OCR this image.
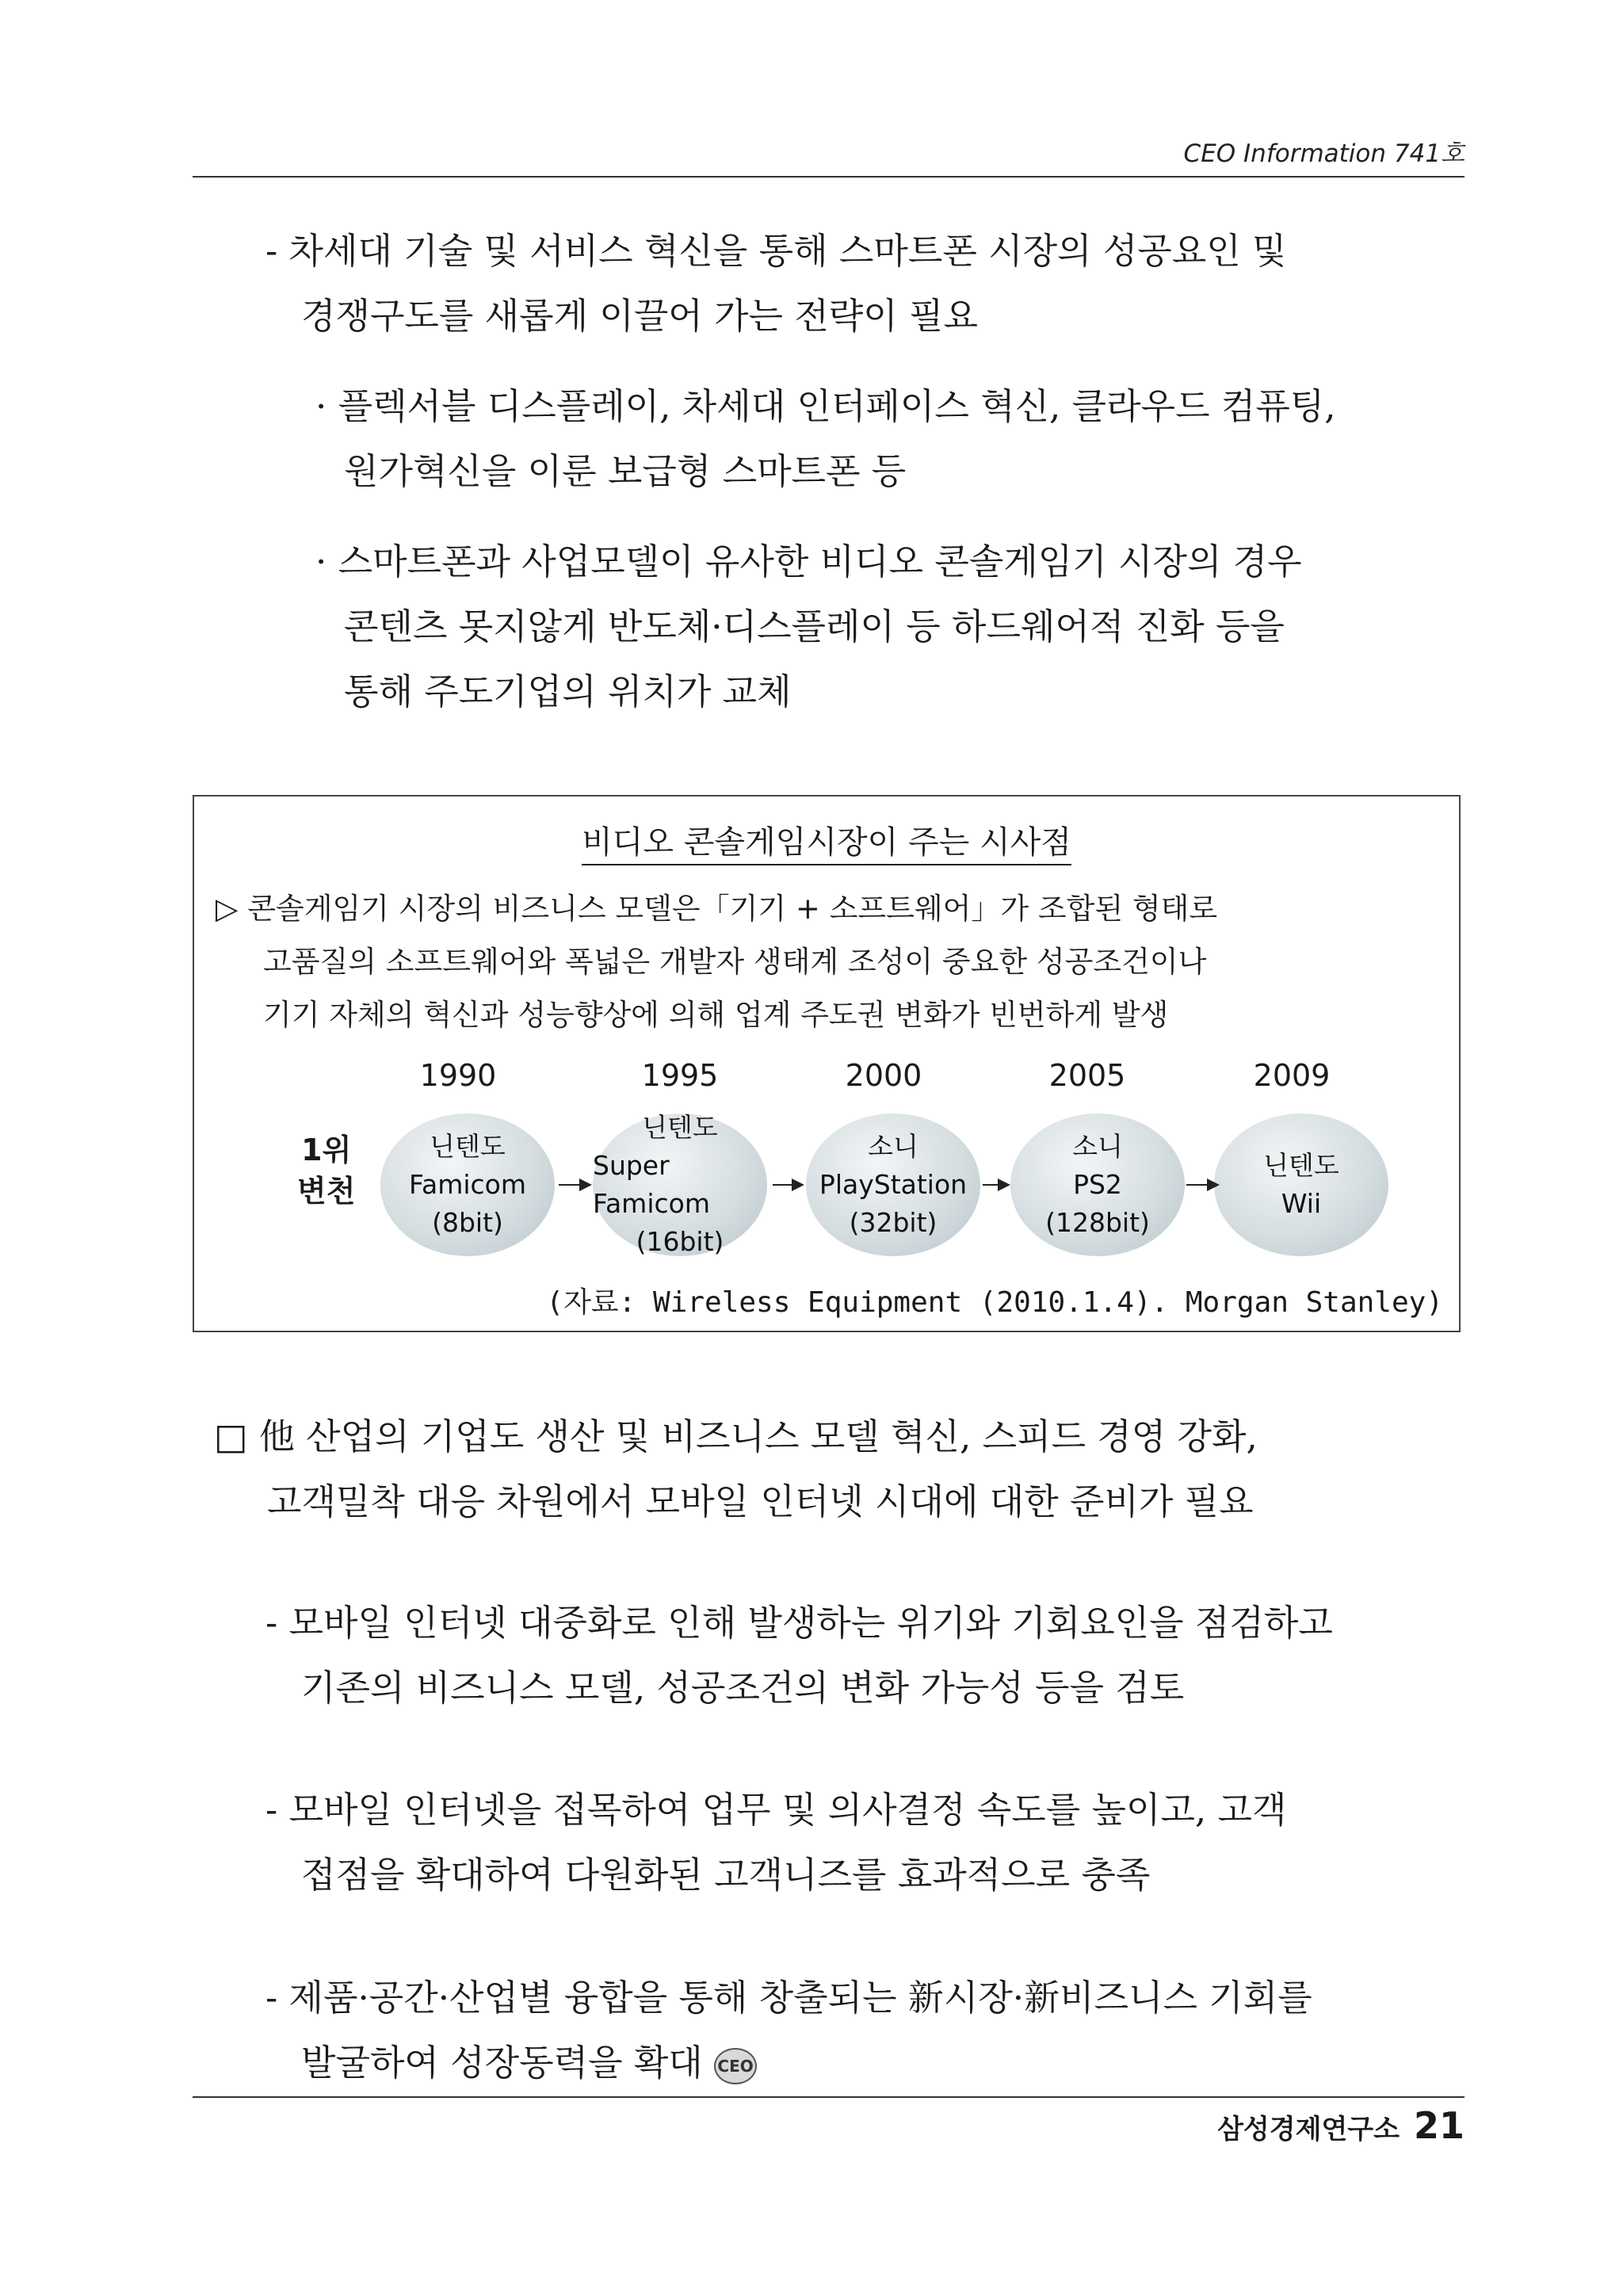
CEO Information 741호
- 차세대 기술 및 서비스 혁신을 통해 스마트폰 시장의 성공요인 및
경쟁구도를 새롭게 이끌어 가는 전략이 필요
· 플렉서블 디스플레이, 차세대 인터페이스 혁신, 클라우드 컴퓨팅,
원가혁신을 이룬 보급형 스마트폰 등
· 스마트폰과 사업모델이 유사한 비디오 콘솔게임기 시장의 경우
콘텐츠 못지않게 반도체·디스플레이 등 하드웨어적 진화 등을
통해 주도기업의 위치가 교체
비디오 콘솔게임시장이 주는 시사점
▷ 콘솔게임기 시장의 비즈니스 모델은「기기 + 소프트웨어」가 조합된 형태로
고품질의 소프트웨어와 폭넓은 개발자 생태계 조성이 중요한 성공조건이나
기기 자체의 혁신과 성능향상에 의해 업계 주도권 변화가 빈번하게 발생
1990	1995	2000	2005	2009
1위
변천
닌텐도
Famicom
(8bit)
닌텐도
Super Famicom
(16bit)
소니
PlayStation
(32bit)
소니
PS2
(128bit)
닌텐도
Wii
(자료: Wireless Equipment (2010.1.4). Morgan Stanley)
□ 他 산업의 기업도 생산 및 비즈니스 모델 혁신, 스피드 경영 강화,
고객밀착 대응 차원에서 모바일 인터넷 시대에 대한 준비가 필요
- 모바일 인터넷 대중화로 인해 발생하는 위기와 기회요인을 점검하고
기존의 비즈니스 모델, 성공조건의 변화 가능성 등을 검토
- 모바일 인터넷을 접목하여 업무 및 의사결정 속도를 높이고, 고객
접점을 확대하여 다원화된 고객니즈를 효과적으로 충족
- 제품·공간·산업별 융합을 통해 창출되는 新시장·新비즈니스 기회를
발굴하여 성장동력을 확대 CEO
삼성경제연구소 21
